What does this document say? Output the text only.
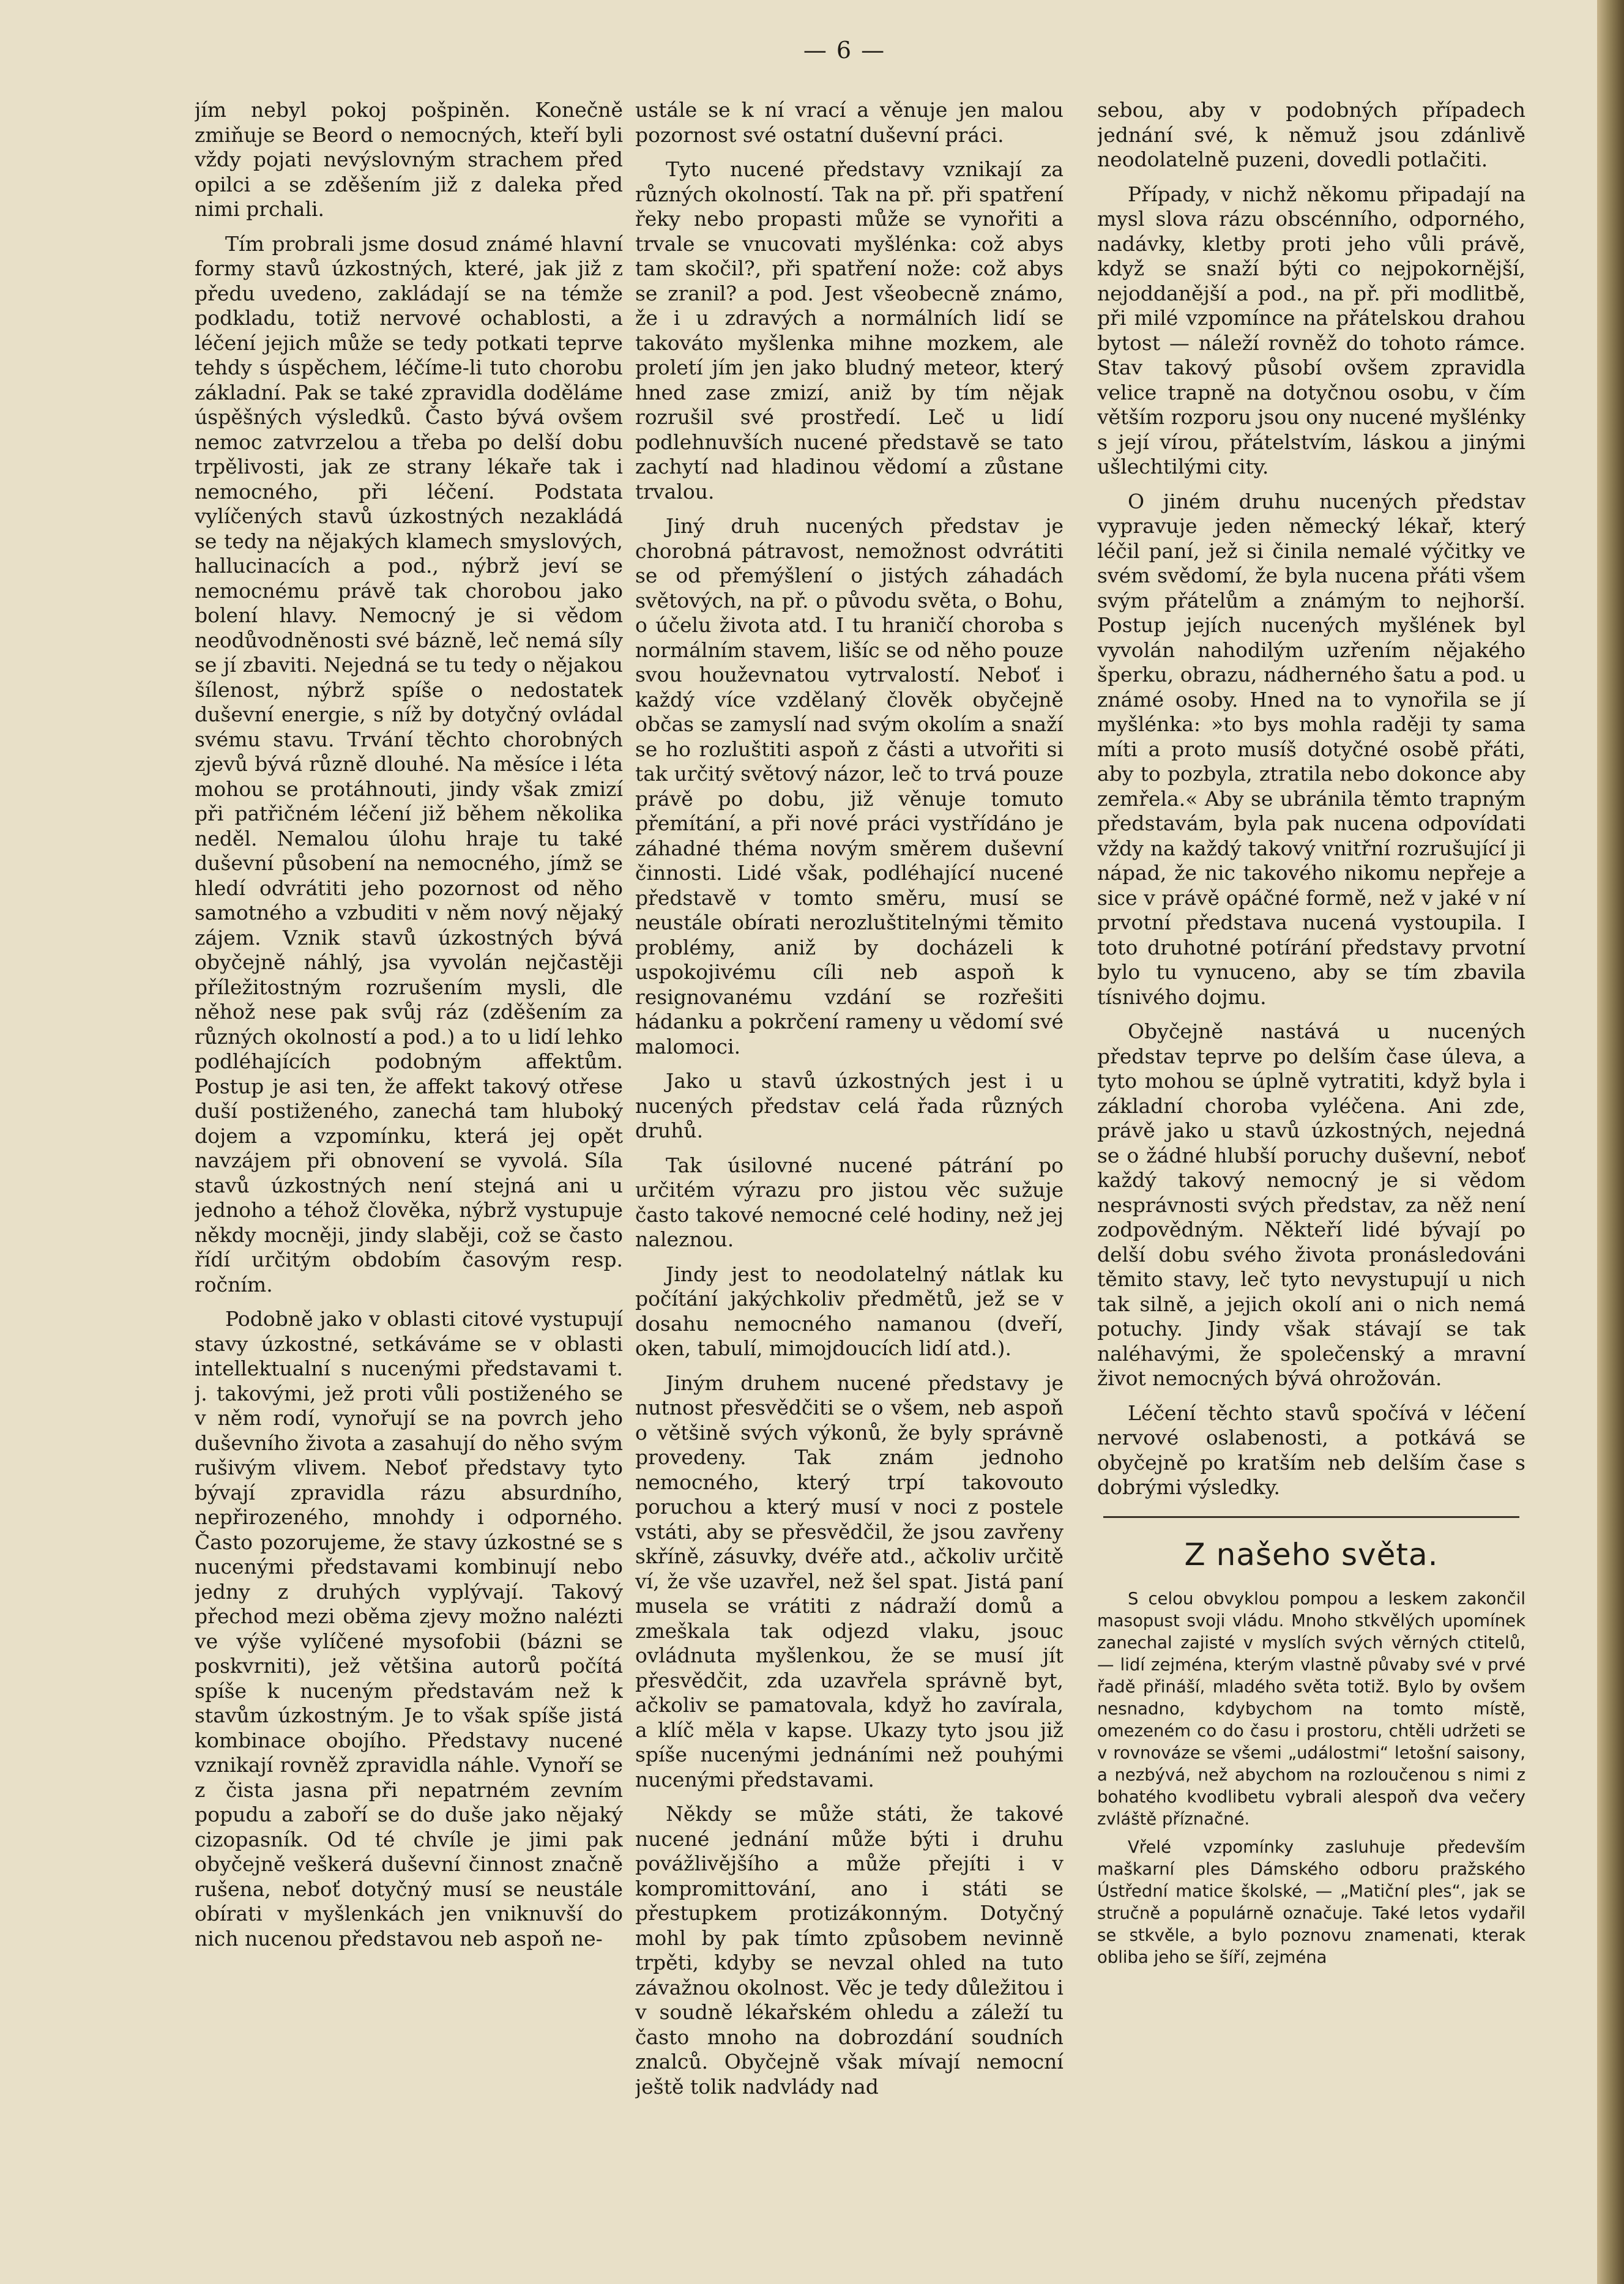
— 6 —

jím nebyl pokoj pošpiněn. Konečně zmiňuje se Beord o nemocných, kteří byli vždy pojati nevýslovným strachem před opilci a se zděšením již z daleka před nimi prchali.

Tím probrali jsme dosud známé hlavní formy stavů úzkostných, které, jak již z předu uvedeno, zakládají se na témže podkladu, totiž nervové ochablosti, a léčení jejich může se tedy potkati teprve tehdy s úspěchem, léčíme-li tuto chorobu základní. Pak se také zpravidla doděláme úspěšných výsledků. Často bývá ovšem nemoc zatvrzelou a třeba po delší dobu trpělivosti, jak ze strany lékaře tak i nemocného, při léčení. Podstata vylíčených stavů úzkostných nezakládá se tedy na nějakých klamech smyslových, hallucinacích a pod., nýbrž jeví se nemocnému právě tak chorobou jako bolení hlavy. Nemocný je si vědom neodůvodněnosti své bázně, leč nemá síly se jí zbaviti. Nejedná se tu tedy o nějakou šílenost, nýbrž spíše o nedostatek duševní energie, s níž by dotyčný ovládal svému stavu. Trvání těchto chorobných zjevů bývá různě dlouhé. Na měsíce i léta mohou se protáhnouti, jindy však zmizí při patřičném léčení již během několika neděl. Nemalou úlohu hraje tu také duševní působení na nemocného, jímž se hledí odvrátiti jeho pozornost od něho samotného a vzbuditi v něm nový nějaký zájem. Vznik stavů úzkostných bývá obyčejně náhlý, jsa vyvolán nejčastěji příležitostným rozrušením mysli, dle něhož nese pak svůj ráz (zděšením za různých okolností a pod.) a to u lidí lehko podléhajících podobným affektům. Postup je asi ten, že affekt takový otřese duší postiženého, zanechá tam hluboký dojem a vzpomínku, která jej opět navzájem při obnovení se vyvolá. Síla stavů úzkostných není stejná ani u jednoho a téhož člověka, nýbrž vystupuje někdy mocněji, jindy slaběji, což se často řídí určitým obdobím časovým resp. ročním.

Podobně jako v oblasti citové vystupují stavy úzkostné, setkáváme se v oblasti intellektualní s nucenými představami t. j. takovými, jež proti vůli postiženého se v něm rodí, vynořují se na povrch jeho duševního života a zasahují do něho svým rušivým vlivem. Neboť představy tyto bývají zpravidla rázu absurdního, nepřirozeného, mnohdy i odporného. Často pozorujeme, že stavy úzkostné se s nucenými představami kombinují nebo jedny z druhých vyplývají. Takový přechod mezi oběma zjevy možno nalézti ve výše vylíčené mysofobii (bázni se poskvrniti), jež většina autorů počítá spíše k nuceným představám než k stavům úzkostným. Je to však spíše jistá kombinace obojího. Představy nucené vznikají rovněž zpravidla náhle. Vynoří se z čista jasna při nepatrném zevním popudu a zaboří se do duše jako nějaký cizopasník. Od té chvíle je jimi pak obyčejně veškerá duševní činnost značně rušena, neboť dotyčný musí se neustále obírati v myšlenkách jen vniknuvší do nich nucenou představou neb aspoň ne-

ustále se k ní vrací a věnuje jen malou pozornost své ostatní duševní práci.

Tyto nucené představy vznikají za různých okolností. Tak na př. při spatření řeky nebo propasti může se vynořiti a trvale se vnucovati myšlénka: což abys tam skočil?, při spatření nože: což abys se zranil? a pod. Jest všeobecně známo, že i u zdravých a normálních lidí se takováto myšlenka mihne mozkem, ale proletí jím jen jako bludný meteor, který hned zase zmizí, aniž by tím nějak rozrušil své prostředí. Leč u lidí podlehnuvších nucené představě se tato zachytí nad hladinou vědomí a zůstane trvalou.

Jiný druh nucených představ je chorobná pátravost, nemožnost odvrátiti se od přemýšlení o jistých záhadách světových, na př. o původu světa, o Bohu, o účelu života atd. I tu hraničí choroba s normálním stavem, lišíc se od něho pouze svou houževnatou vytrvalostí. Neboť i každý více vzdělaný člověk obyčejně občas se zamyslí nad svým okolím a snaží se ho rozluštiti aspoň z části a utvořiti si tak určitý světový názor, leč to trvá pouze právě po dobu, již věnuje tomuto přemítání, a při nové práci vystřídáno je záhadné théma novým směrem duševní činnosti. Lidé však, podléhající nucené představě v tomto směru, musí se neustále obírati nerozluštitelnými těmito problémy, aniž by docházeli k uspokojivému cíli neb aspoň k resignovanému vzdání se rozřešiti hádanku a pokrčení rameny u vědomí své malomoci.

Jako u stavů úzkostných jest i u nucených představ celá řada různých druhů.

Tak úsilovné nucené pátrání po určitém výrazu pro jistou věc sužuje často takové nemocné celé hodiny, než jej naleznou.

Jindy jest to neodolatelný nátlak ku počítání jakýchkoliv předmětů, jež se v dosahu nemocného namanou (dveří, oken, tabulí, mimojdoucích lidí atd.).

Jiným druhem nucené představy je nutnost přesvědčiti se o všem, neb aspoň o většině svých výkonů, že byly správně provedeny. Tak znám jednoho nemocného, který trpí takovouto poruchou a který musí v noci z postele vstáti, aby se přesvědčil, že jsou zavřeny skříně, zásuvky, dvéře atd., ačkoliv určitě ví, že vše uzavřel, než šel spat. Jistá paní musela se vrátiti z nádraží domů a zmeškala tak odjezd vlaku, jsouc ovládnuta myšlenkou, že se musí jít přesvědčit, zda uzavřela správně byt, ačkoliv se pamatovala, když ho zavírala, a klíč měla v kapse. Ukazy tyto jsou již spíše nucenými jednáními než pouhými nucenými představami.

Někdy se může státi, že takové nucené jednání může býti i druhu povážlivějšího a může přejíti i v kompromittování, ano i státi se přestupkem protizákonným. Dotyčný mohl by pak tímto způsobem nevinně trpěti, kdyby se nevzal ohled na tuto závažnou okolnost. Věc je tedy důležitou i v soudně lékařském ohledu a záleží tu často mnoho na dobrozdání soudních znalců. Obyčejně však mívají nemocní ještě tolik nadvlády nad

sebou, aby v podobných případech jednání své, k němuž jsou zdánlivě neodolatelně puzeni, dovedli potlačiti.

Případy, v nichž někomu připadají na mysl slova rázu obscénního, odporného, nadávky, kletby proti jeho vůli právě, když se snaží býti co nejpokornější, nejoddanější a pod., na př. při modlitbě, při milé vzpomínce na přátelskou drahou bytost — náleží rovněž do tohoto rámce. Stav takový působí ovšem zpravidla velice trapně na dotyčnou osobu, v čím větším rozporu jsou ony nucené myšlénky s její vírou, přátelstvím, láskou a jinými ušlechtilými city.

O jiném druhu nucených představ vypravuje jeden německý lékař, který léčil paní, jež si činila nemalé výčitky ve svém svědomí, že byla nucena přáti všem svým přátelům a známým to nejhorší. Postup jejích nucených myšlének byl vyvolán nahodilým uzřením nějakého šperku, obrazu, nádherného šatu a pod. u známé osoby. Hned na to vynořila se jí myšlénka: »to bys mohla raději ty sama míti a proto musíš dotyčné osobě přáti, aby to pozbyla, ztratila nebo dokonce aby zemřela.« Aby se ubránila těmto trapným představám, byla pak nucena odpovídati vždy na každý takový vnitřní rozrušující ji nápad, že nic takového nikomu nepřeje a sice v právě opáčné formě, než v jaké v ní prvotní představa nucená vystoupila. I toto druhotné potírání představy prvotní bylo tu vynuceno, aby se tím zbavila tísnivého dojmu.

Obyčejně nastává u nucených představ teprve po delším čase úleva, a tyto mohou se úplně vytratiti, když byla i základní choroba vyléčena. Ani zde, právě jako u stavů úzkostných, nejedná se o žádné hlubší poruchy duševní, neboť každý takový nemocný je si vědom nesprávnosti svých představ, za něž není zodpovědným. Někteří lidé bývají po delší dobu svého života pronásledováni těmito stavy, leč tyto nevystupují u nich tak silně, a jejich okolí ani o nich nemá potuchy. Jindy však stávají se tak naléhavými, že společenský a mravní život nemocných bývá ohrožován.

Léčení těchto stavů spočívá v léčení nervové oslabenosti, a potkává se obyčejně po kratším neb delším čase s dobrými výsledky.

Z našeho světa.

S celou obvyklou pompou a leskem zakončil masopust svoji vládu. Mnoho stkvělých upomínek zanechal zajisté v myslích svých věrných ctitelů, — lidí zejména, kterým vlastně půvaby své v prvé řadě přináší, mladého světa totiž. Bylo by ovšem nesnadno, kdybychom na tomto místě, omezeném co do času i prostoru, chtěli udržeti se v rovnováze se všemi „událostmi“ letošní saisony, a nezbývá, než abychom na rozloučenou s nimi z bohatého kvodlibetu vybrali alespoň dva večery zvláště příznačné.

Vřelé vzpomínky zasluhuje především maškarní ples Dámského odboru pražského Ústřední matice školské, — „Matiční ples“, jak se stručně a populárně označuje. Také letos vydařil se stkvěle, a bylo poznovu znamenati, kterak obliba jeho se šíří, zejména
